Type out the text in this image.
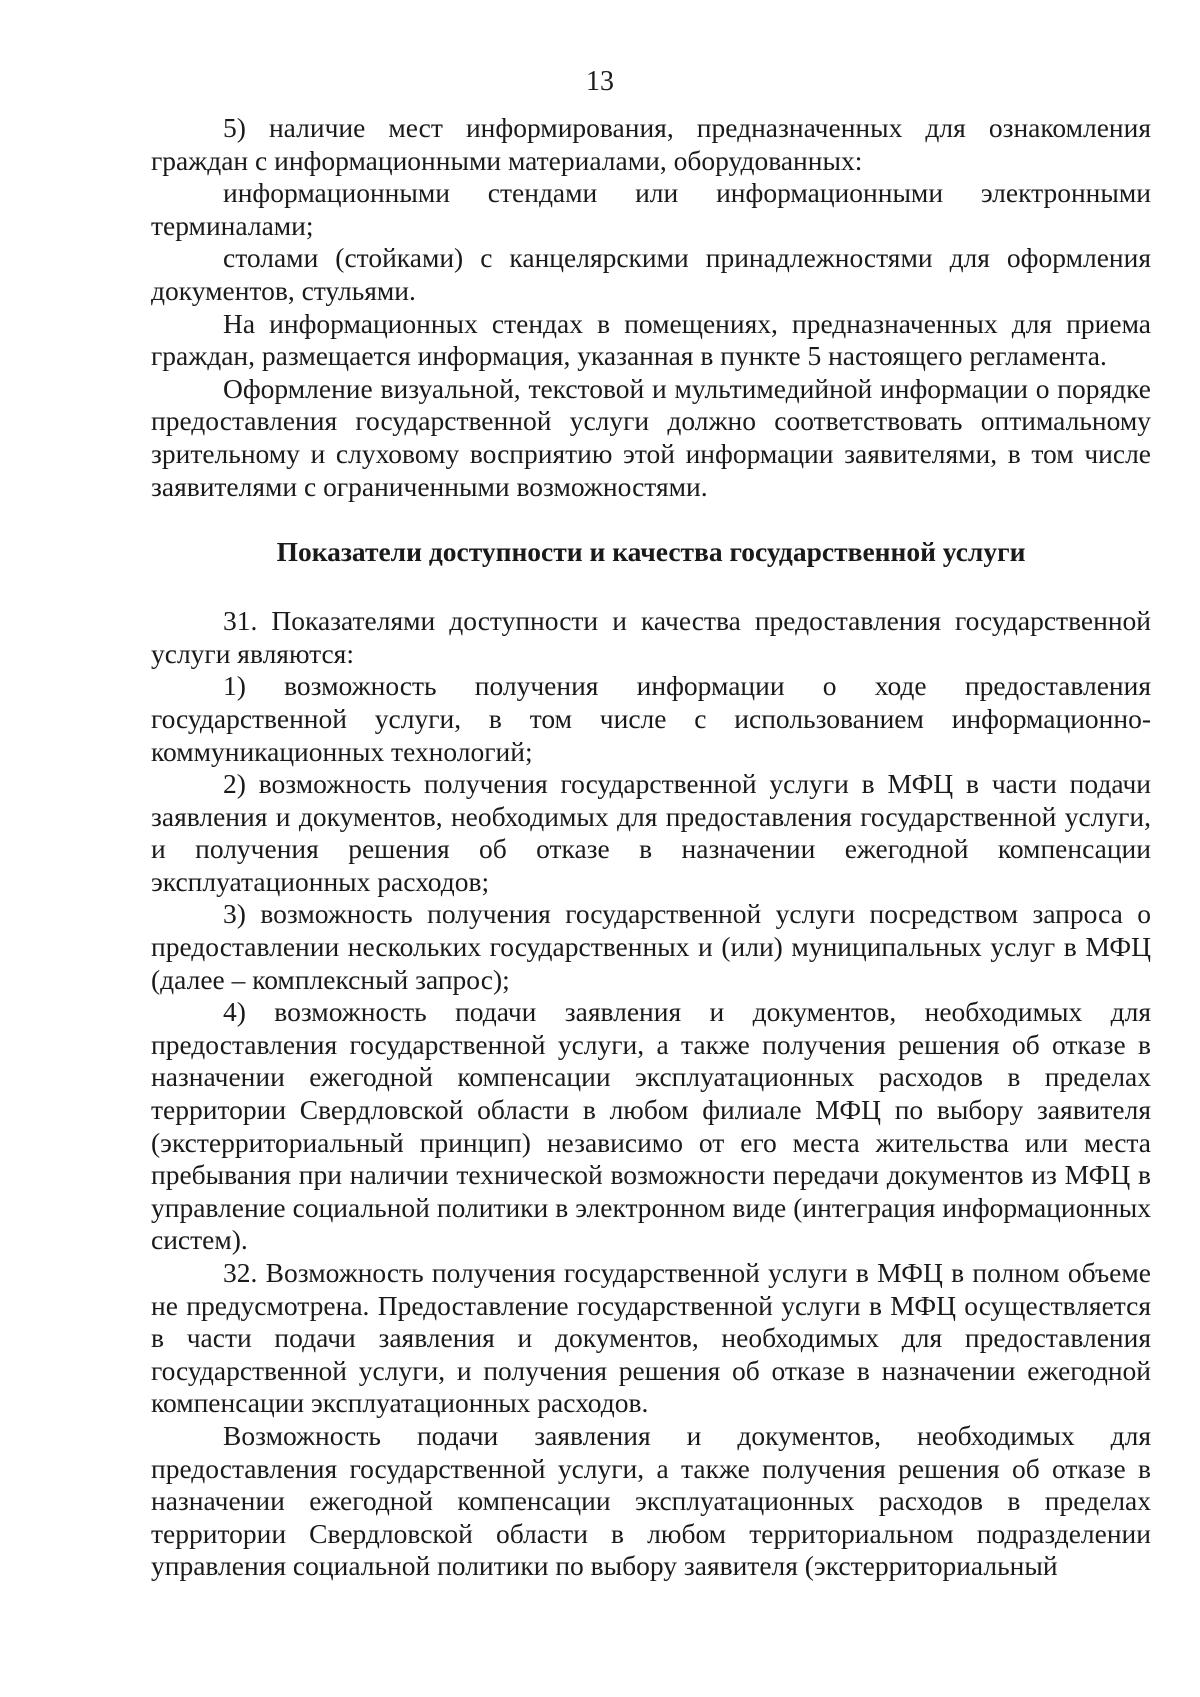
13

5) наличие мест информирования, предназначенных для ознакомления граждан с информационными материалами, оборудованных:

информационными стендами или информационными электронными терминалами;

столами (стойками) с канцелярскими принадлежностями для оформления документов, стульями.

На информационных стендах в помещениях, предназначенных для приема граждан, размещается информация, указанная в пункте 5 настоящего регламента.

Оформление визуальной, текстовой и мультимедийной информации о порядке предоставления государственной услуги должно соответствовать оптимальному зрительному и слуховому восприятию этой информации заявителями, в том числе заявителями с ограниченными возможностями.

Показатели доступности и качества государственной услуги

31. Показателями доступности и качества предоставления государственной услуги являются:

1) возможность получения информации о ходе предоставления государственной услуги, в том числе с использованием информационно-коммуникационных технологий;

2) возможность получения государственной услуги в МФЦ в части подачи заявления и документов, необходимых для предоставления государственной услуги, и получения решения об отказе в назначении ежегодной компенсации эксплуатационных расходов;

3) возможность получения государственной услуги посредством запроса о предоставлении нескольких государственных и (или) муниципальных услуг в МФЦ (далее – комплексный запрос);

4) возможность подачи заявления и документов, необходимых для предоставления государственной услуги, а также получения решения об отказе в назначении ежегодной компенсации эксплуатационных расходов в пределах территории Свердловской области в любом филиале МФЦ по выбору заявителя (экстерриториальный принцип) независимо от его места жительства или места пребывания при наличии технической возможности передачи документов из МФЦ в управление социальной политики в электронном виде (интеграция информационных систем).

32. Возможность получения государственной услуги в МФЦ в полном объеме не предусмотрена. Предоставление государственной услуги в МФЦ осуществляется в части подачи заявления и документов, необходимых для предоставления государственной услуги, и получения решения об отказе в назначении ежегодной компенсации эксплуатационных расходов.

Возможность подачи заявления и документов, необходимых для предоставления государственной услуги, а также получения решения об отказе в назначении ежегодной компенсации эксплуатационных расходов в пределах территории Свердловской области в любом территориальном подразделении управления социальной политики по выбору заявителя (экстерриториальный
